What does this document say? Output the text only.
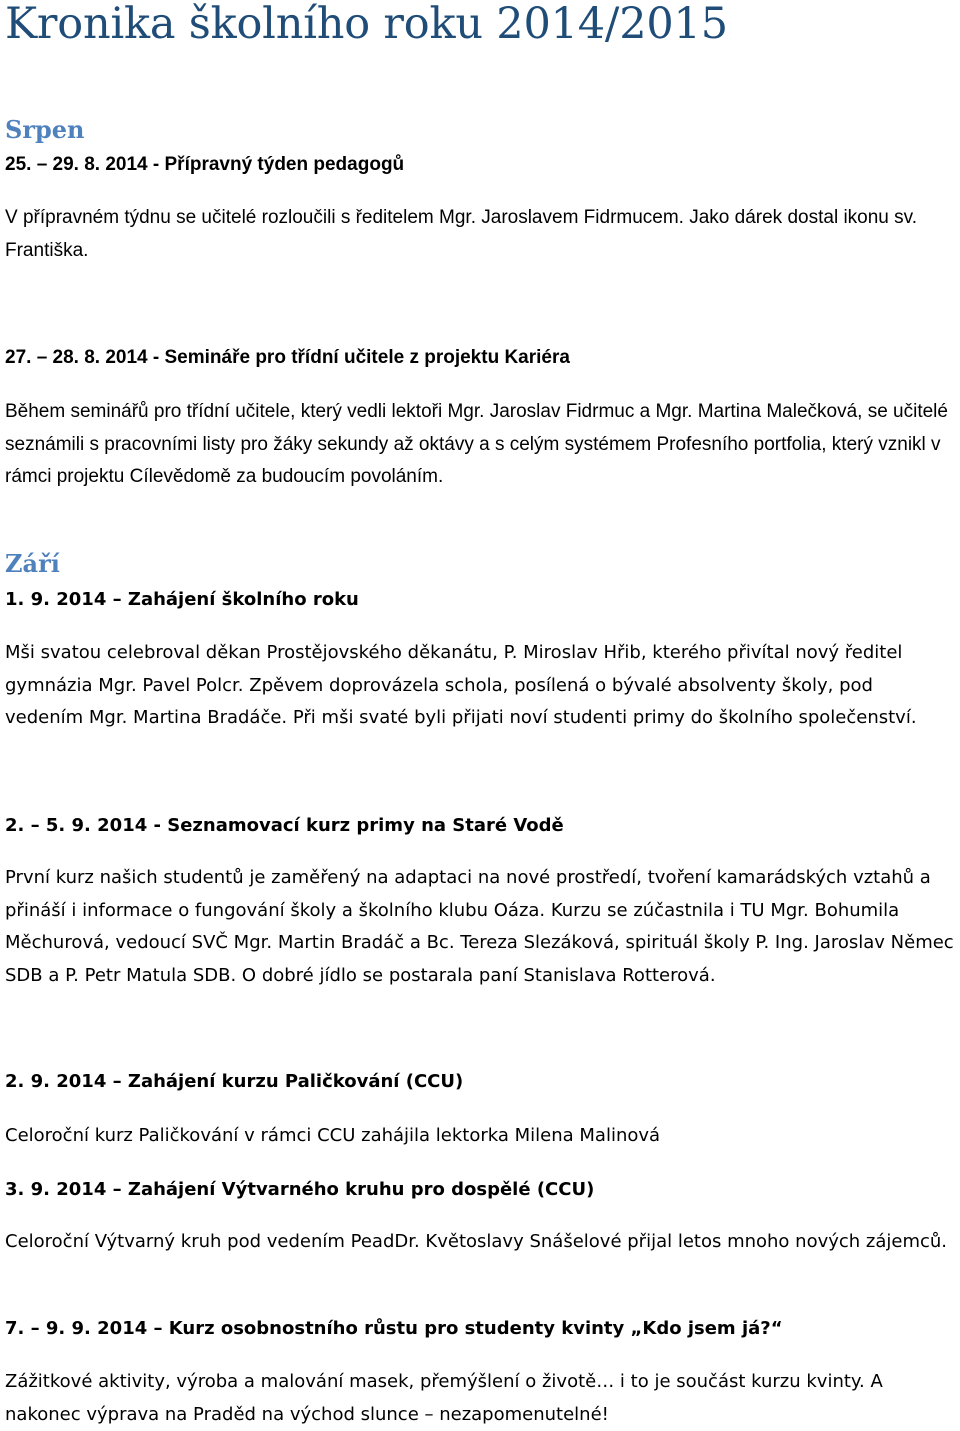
Kronika školního roku 2014/2015
Srpen
25. – 29. 8. 2014 - Přípravný týden pedagogů

V přípravném týdnu se učitelé rozloučili s ředitelem Mgr. Jaroslavem Fidrmucem. Jako dárek dostal ikonu sv. Františka.

27. – 28. 8. 2014 - Semináře pro třídní učitele z projektu Kariéra

Během seminářů pro třídní učitele, který vedli lektoři Mgr. Jaroslav Fidrmuc a Mgr. Martina Malečková, se učitelé seznámili s pracovními listy pro žáky sekundy až oktávy a s celým systémem Profesního portfolia, který vznikl v rámci projektu Cílevědomě za budoucím povoláním.

Září
1. 9. 2014 – Zahájení školního roku

Mši svatou celebroval děkan Prostějovského děkanátu, P. Miroslav Hřib, kterého přivítal nový ředitel gymnázia Mgr. Pavel Polcr. Zpěvem doprovázela schola, posílená o bývalé absolventy školy, pod vedením Mgr. Martina Bradáče. Při mši svaté byli přijati noví studenti primy do školního společenství.

2. – 5. 9. 2014 - Seznamovací kurz primy na Staré Vodě

První kurz našich studentů je zaměřený na adaptaci na nové prostředí, tvoření kamarádských vztahů a přináší i informace o fungování školy a školního klubu Oáza. Kurzu se zúčastnila i TU Mgr. Bohumila Měchurová, vedoucí SVČ Mgr. Martin Bradáč a Bc. Tereza Slezáková, spirituál školy P. Ing. Jaroslav Němec SDB a P. Petr Matula SDB. O dobré jídlo se postarala paní Stanislava Rotterová.

2. 9. 2014 – Zahájení kurzu Paličkování (CCU)

Celoroční kurz Paličkování v rámci CCU zahájila lektorka Milena Malinová

3. 9. 2014 – Zahájení Výtvarného kruhu pro dospělé (CCU)

Celoroční Výtvarný kruh pod vedením PeadDr. Květoslavy Snášelové přijal letos mnoho nových zájemců.

7. – 9. 9. 2014 – Kurz osobnostního růstu pro studenty kvinty „Kdo jsem já?“

Zážitkové aktivity, výroba a malování masek, přemýšlení o životě… i to je součást kurzu kvinty. A nakonec výprava na Praděd na východ slunce – nezapomenutelné!
